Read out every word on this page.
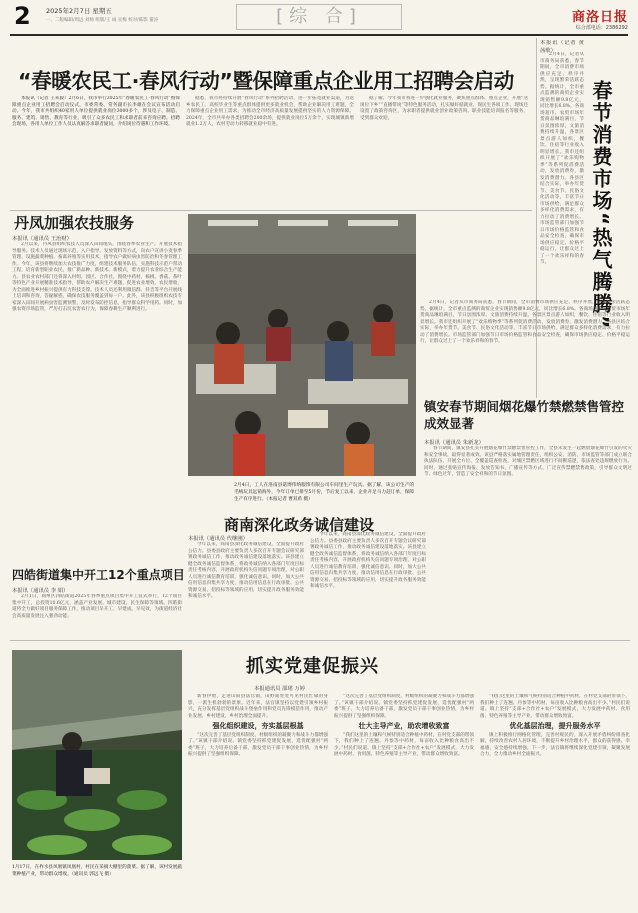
2 2025年2月7日 星期五
一、二版编辑/周远 刘帅 组版/王 诚 宣梅 校对/陈影 董涛	[综 合]	商洛日报
综合部电话：2386292
“春暖农民工·春风行动”暨保障重点企业用工招聘会启动

本报讯（记者 王来毅）2月6日，我市举行2025年“春暖农民工·春风行动”暨保障重点企业用工招聘会启动仪式，市委常委、常务副市长李雄在会议宣布活动启动。今年，我市共组织40家用人单位提供就业岗位3000多个，涉及电子、制造、服务、建筑、销售、教育等行业，吸引了众多农民工和求职者前来咨询应聘。招聘会现场，各用人单位工作人员认真解答求职者疑问，介绍岗位待遇和工作环境。

据悉，我市将持续开展“春风行动”系列招聘活动，进一步拓宽就业渠道，为返乡农民工、高校毕业生等重点群体提供更多就业机会，帮助企业解决用工难题，全力保障重点企业用工需求，为推动全市经济高质量发展提供坚实的人力资源保障。2024年，全市共举办各类招聘会200余场，提供就业岗位5万余个，实现城镇新增就业1.2万人，农村劳动力转移就业稳中有进。

据了解，今年我市将进一步强化就业服务，聚焦重点群体、重点企业，开展“送岗位下乡”“直播带岗”等特色服务活动，扎实做好稳就业、保民生各项工作。现场还设置了政策咨询区，为求职者提供就业创业政策咨询、职业技能培训报名等服务，受到群众欢迎。

本报讯（记者 黄茜歌）
春节消费市场“热气腾腾”

2月4日，记者从市商务局获悉，春节期间，全市消费市场供应充足、秩序井然，呈现繁荣活跃态势。据统计，全市重点监测的商贸企业实现销售额9.8亿元，同比增长6.8%。各商场超市、农贸市场年货商品琳琅满目，节日氛围浓厚。文旅消费持续升温，各景区景点游人如织，餐饮、住宿等行业收入明显增长。我市还组织开展了“欢乐购物季”等系列促消费活动，发放消费券，激发消费潜力。各县区结合实际，举办年货节、美食节、民俗文化活动等，丰富节日市场供给，满足群众多样化消费需求，有力拉动了消费增长。市场监管部门加强节日市场价格监管和食品安全检查，确保市场供应稳定、价格平稳运行，让群众过上了一个欢乐祥和的春节。

2月4日，记者从市商务局获悉，春节期间，全市消费市场供应充足、秩序井然，呈现繁荣活跃态势。据统计，全市重点监测的商贸企业实现销售额9.8亿元，同比增长6.8%。各商场超市、农贸市场年货商品琳琅满目，节日氛围浓厚。文旅消费持续升温，各景区景点游人如织，餐饮、住宿等行业收入明显增长。我市还组织开展了“欢乐购物季”等系列促消费活动，发放消费券，激发消费潜力。各县区结合实际，举办年货节、美食节、民俗文化活动等，丰富节日市场供给，满足群众多样化消费需求，有力拉动了消费增长。市场监管部门加强节日市场价格监管和食品安全检查，确保市场供应稳定、价格平稳运行，让群众过上了一个欢乐祥和的春节。

丹凤加强农技服务
本报讯（通讯员 王治财）

2月以来，丹凤县组织农技人员深入田间地头，围绕春季农业生产，开展技术指导服务。技术人员通过现场示范、入户指导、发放资料等方式，向农户宣讲小麦春季管理、设施蔬菜种植、畜禽养殖等实用技术，指导农户做好病虫害防治和冬春管理工作。今年，该县将继续加大农技推广力度，组建技术服务队伍，实施科技示范户带动工程，培育新型职业农民，推广新品种、新技术、新模式，着力提升农业综合生产能力。县农业农村部门还将深入村组、园区、合作社，围绕中药材、核桃、香菇、茶叶等特色产业开展精准技术指导，帮助农户解决生产难题，促进农业增效、农民增收，为全面推进乡村振兴提供有力科技支撑。技术人员还利用微信群、抖音等平台开展线上培训和咨询，答疑解惑，确保农技服务覆盖到每一户。此外，该县积极组织农技专家深入田间开展病虫害监测预警，及时发布防控信息，指导群众科学用药。同时，加强农资市场监管，严厉打击坑农害农行为，保障春耕生产顺利进行。

2月4日，工人在洛南县诺博伟纳服饰有限公司车间里生产玩具。据了解，该公司生产的毛绒玩具远销海外，今年订单已排至5月份，节后复工以来，企业开足马力赶订单，保障生产有序进行。（本报记者 曹双希 摄）
镇安春节期间烟花爆竹禁燃禁售管控成效显著
本报讯（通讯员 朱新龙）

春节期间，镇安县扎实开展烟花爆竹禁燃禁售管控工作，全县未发生一起燃放烟花爆竹引发的火灾和安全事故，取得显著成效。该县严格落实属地管理责任，组织公安、消防、市场监管等部门成立联合执法队伍，开展全方位、全覆盖巡查检查，对城区禁燃区域进行不间断巡逻，依法查处违规燃放行为。同时，通过张贴宣传海报、发放告知书、广播宣传等方式，广泛宣传禁燃禁售政策，引导群众文明过节、绿色过年，营造了安全祥和的节日氛围。

商南深化政务诚信建设
本报讯（通讯员 代继刚）

今年以来，商南县深化政务诚信建设，全面提升政府公信力。县委县政府主要负责人多次召开专题会议研究部署政务诚信工作，推动政务诚信建设落地落实。该县建立健全政务诚信监督体系，将政务诚信纳入各部门年度目标责任考核内容，开展政府机构失信问题专项治理，对公职人员进行诚信教育培训，强化诚信意识。同时，加大公共信用信息归集共享力度，推动信用信息在行政审批、公共资源交易、招投标等领域的应用，切实提升政务服务效能和诚信水平。

今年以来，商南县深化政务诚信建设，全面提升政府公信力。县委县政府主要负责人多次召开专题会议研究部署政务诚信工作，推动政务诚信建设落地落实。该县建立健全政务诚信监督体系，将政务诚信纳入各部门年度目标责任考核内容，开展政府机构失信问题专项治理，对公职人员进行诚信教育培训，强化诚信意识。同时，加大公共信用信息归集共享力度，推动信用信息在行政审批、公共资源交易、招投标等领域的应用，切实提升政务服务效能和诚信水平。

四皓街道集中开工12个重点项目
本报讯（通讯员 李 娟）

2月1日，商州区四皓街道2025年春季重点项目集中开工仪式举行，12个项目集中开工，总投资10.6亿元，涵盖产业发展、城市建设、民生保障等领域。四皓街道将全力做好项目服务保障工作，推动项目早开工、早建成、早见效，为街道经济社会高质量发展注入强劲动能。

抓实党建促振兴
本报通讯员 邵珺 万婷
1月17日，在柞水县凤凰镇凤凰村，村民在采摘大棚里的菠菜。据了解，该村发展蔬菜种植产业，带动群众增收。（通讯员 郭远飞 摄）

新春伊始，走进山阳县法官镇，田野间处处可见村民忙碌的身影，一派生机勃勃的景象。近年来，法官镇坚持以党建引领乡村振兴，充分发挥基层党组织战斗堡垒作用和党员先锋模范作用，推动产业发展、乡村建设、乡村治理全面提升。

强化组织建设，夯实基层根基

“这次完善了基层党组织制度，村级组织的凝聚力和战斗力都增强了。”该镇干部介绍说。镇党委坚持抓党建促发展，选优配强村“两委”班子，大力培养后备干部，激发党员干部干事创业热情，为乡村振兴提供了坚强组织保障。

“这次完善了基层党组织制度，村级组织的凝聚力和战斗力都增强了。”该镇干部介绍说。镇党委坚持抓党建促发展，选优配强村“两委”班子，大力培养后备干部，激发党员干部干事创业热情，为乡村振兴提供了坚强组织保障。

壮大主导产业，助农增收致富

“我们这里的土壤和气候特别适合种植中药材，在村党支部的带领下，我们种上了连翘、丹参等中药材，每亩收入比种粮食高出不少。”村民们说道。镇上坚持“支部+合作社+农户”发展模式，大力发展中药材、食用菌、特色养殖等主导产业，带动群众增收致富。

“我们这里的土壤和气候特别适合种植中药材，在村党支部的带领下，我们种上了连翘、丹参等中药材，每亩收入比种粮食高出不少。”村民们说道。镇上坚持“支部+合作社+农户”发展模式，大力发展中药材、食用菌、特色养殖等主导产业，带动群众增收致富。

优化基层治理，提升服务水平

镇上积极推行网格化管理，完善村规民约，深入开展矛盾纠纷排查化解，持续改善农村人居环境，不断提升乡村治理水平，群众的获得感、幸福感、安全感持续增强。下一步，法官镇将继续深化党建引领，凝聚发展合力，全力推动乡村全面振兴。
